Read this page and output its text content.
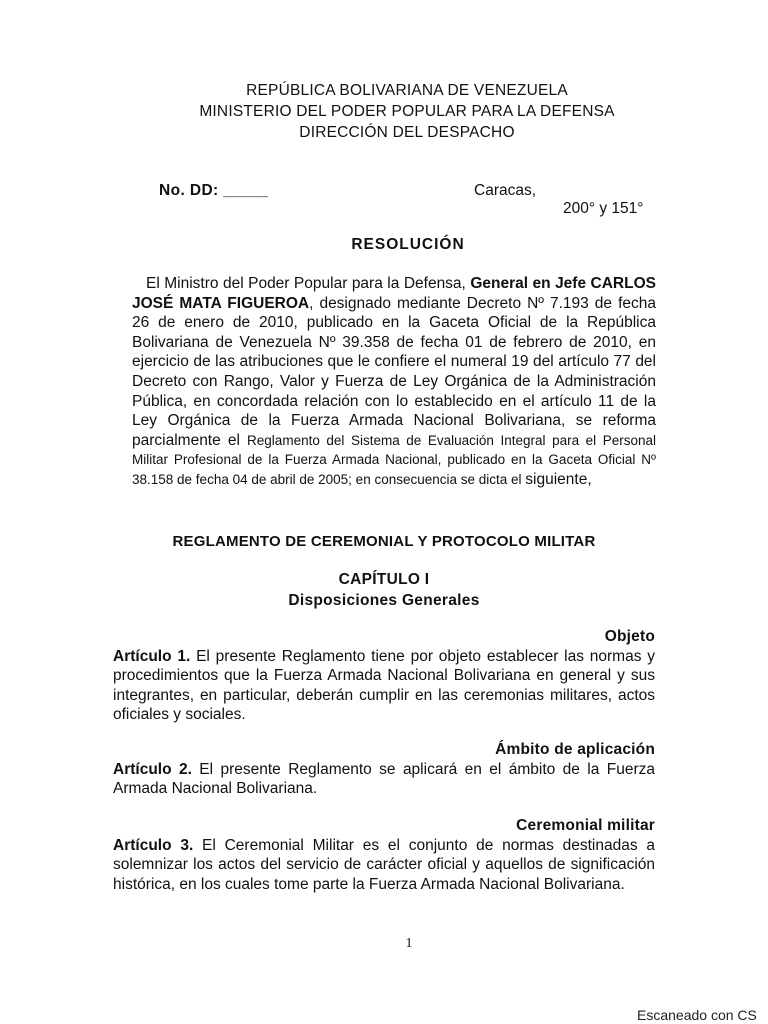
REPÚBLICA BOLIVARIANA DE VENEZUELA
MINISTERIO DEL PODER POPULAR PARA LA DEFENSA
DIRECCIÓN DEL DESPACHO
No. DD: _____	Caracas,
200° y 151°
RESOLUCIÓN
El Ministro del Poder Popular para la Defensa, General en Jefe CARLOS JOSÉ MATA FIGUEROA, designado mediante Decreto Nº 7.193 de fecha 26 de enero de 2010, publicado en la Gaceta Oficial de la República Bolivariana de Venezuela Nº 39.358 de fecha 01 de febrero de 2010, en ejercicio de las atribuciones que le confiere el numeral 19 del artículo 77 del Decreto con Rango, Valor y Fuerza de Ley Orgánica de la Administración Pública, en concordada relación con lo establecido en el artículo 11 de la Ley Orgánica de la Fuerza Armada Nacional Bolivariana, se reforma parcialmente el Reglamento del Sistema de Evaluación Integral para el Personal Militar Profesional de la Fuerza Armada Nacional, publicado en la Gaceta Oficial Nº 38.158 de fecha 04 de abril de 2005; en consecuencia se dicta el siguiente,
REGLAMENTO DE CEREMONIAL Y PROTOCOLO MILITAR
CAPÍTULO I
Disposiciones Generales
Objeto
Artículo 1. El presente Reglamento tiene por objeto establecer las normas y procedimientos que la Fuerza Armada Nacional Bolivariana en general y sus integrantes, en particular, deberán cumplir en las ceremonias militares, actos oficiales y sociales.
Ámbito de aplicación
Artículo 2. El presente Reglamento se aplicará en el ámbito de la Fuerza Armada Nacional Bolivariana.
Ceremonial militar
Artículo 3. El Ceremonial Militar es el conjunto de normas destinadas a solemnizar los actos del servicio de carácter oficial y aquellos de significación histórica, en los cuales tome parte la Fuerza Armada Nacional Bolivariana.
1
Escaneado con CS
